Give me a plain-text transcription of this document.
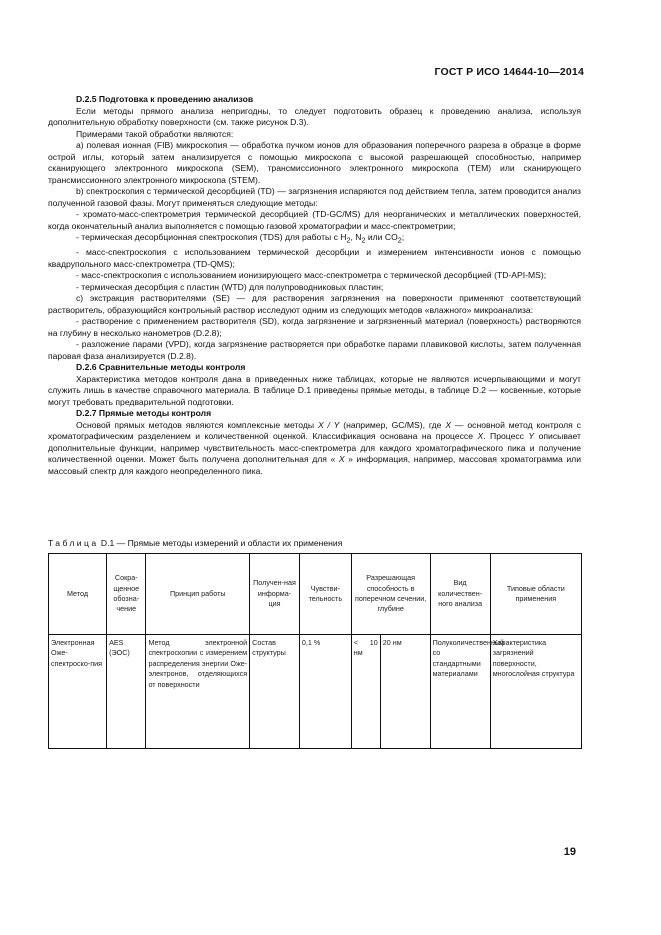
ГОСТ Р ИСО 14644-10—2014
D.2.5 Подготовка к проведению анализов

Если методы прямого анализа непригодны, то следует подготовить образец к проведению анализа, используя дополнительную обработку поверхности (см. также рисунок D.3).

Примерами такой обработки являются:

a) полевая ионная (FIB) микроскопия — обработка пучком ионов для образования поперечного разреза в образце в форме острой иглы, который затем анализируется с помощью микроскопа с высокой разрешающей способностью, например сканирующего электронного микроскопа (SEM), трансмиссионного электронного микроскопа (TEM) или сканирующего трансмиссионного электронного микроскопа (STEM).

b) спектроскопия с термической десорбцией (TD) — загрязнения испаряются под действием тепла, затем проводится анализ полученной газовой фазы. Могут применяться следующие методы:

- хромато-масс-спектрометрия термической десорбцией (TD-GC/MS) для неорганических и металлических поверхностей, когда окончательный анализ выполняется с помощью газовой хроматографии и масс-спектрометрии;

- термическая десорбционная спектроскопия (TDS) для работы с $H_2$, $N_2$ или $CO_2$;

- масс-спектроскопия с использованием термической десорбции и измерением интенсивности ионов с помощью квадрупольного масс-спектрометра (TD-QMS);

- масс-спектроскопия с использованием ионизирующего масс-спектрометра с термической десорбцией (TD-API-MS);

- термическая десорбция с пластин (WTD) для полупроводниковых пластин;

c) экстракция растворителями (SE) — для растворения загрязнения на поверхности применяют соответствующий растворитель, образующийся контрольный раствор исследуют одним из следующих методов «влажного» микроанализа:

- растворение с применением растворителя (SD), когда загрязнение и загрязненный материал (поверхность) растворяются на глубину в несколько нанометров (D.2.8);

- разложение парами (VPD), когда загрязнение растворяется при обработке парами плавиковой кислоты, затем полученная паровая фаза анализируется (D.2.8).

D.2.6 Сравнительные методы контроля

Характеристика методов контроля дана в приведенных ниже таблицах, которые не являются исчерпывающими и могут служить лишь в качестве справочного материала. В таблице D.1 приведены прямые методы, в таблице D.2 — косвенные, которые могут требовать предварительной подготовки.

D.2.7 Прямые методы контроля

Основой прямых методов являются комплексные методы X / Y (например, GC/MS), где X — основной метод контроля с хроматографическим разделением и количественной оценкой. Классификация основана на процессе X. Процесс Y описывает дополнительные функции, например чувствительность масс-спектрометра для каждого хроматографического пика и получение количественной оценки. Может быть получена дополнительная для « X » информация, например, массовая хроматограмма или массовый спектр для каждого неопределенного пика.

Таблица D.1 — Прямые методы измерений и области их применения
Метод	Сокра-щенное обозна-чение	Принцип работы	Получен-ная информа-ция	Чувстви-тельность	Разрешающая способность в поперечном сечении, глубине		Вид количествен-ного анализа	Типовые области применения
Электронная Оже-спектроско-пия	AES (ЭОС)	Метод электронной спектроскопии с измерением распределения энергии Оже-электронов, отделяющихся от поверхности	Состав структуры	0,1 %	< 10 нм	20 нм	Полуколичественный со стандартными материалами	Характеристика загрязнений поверхности, многослойная структура
19
